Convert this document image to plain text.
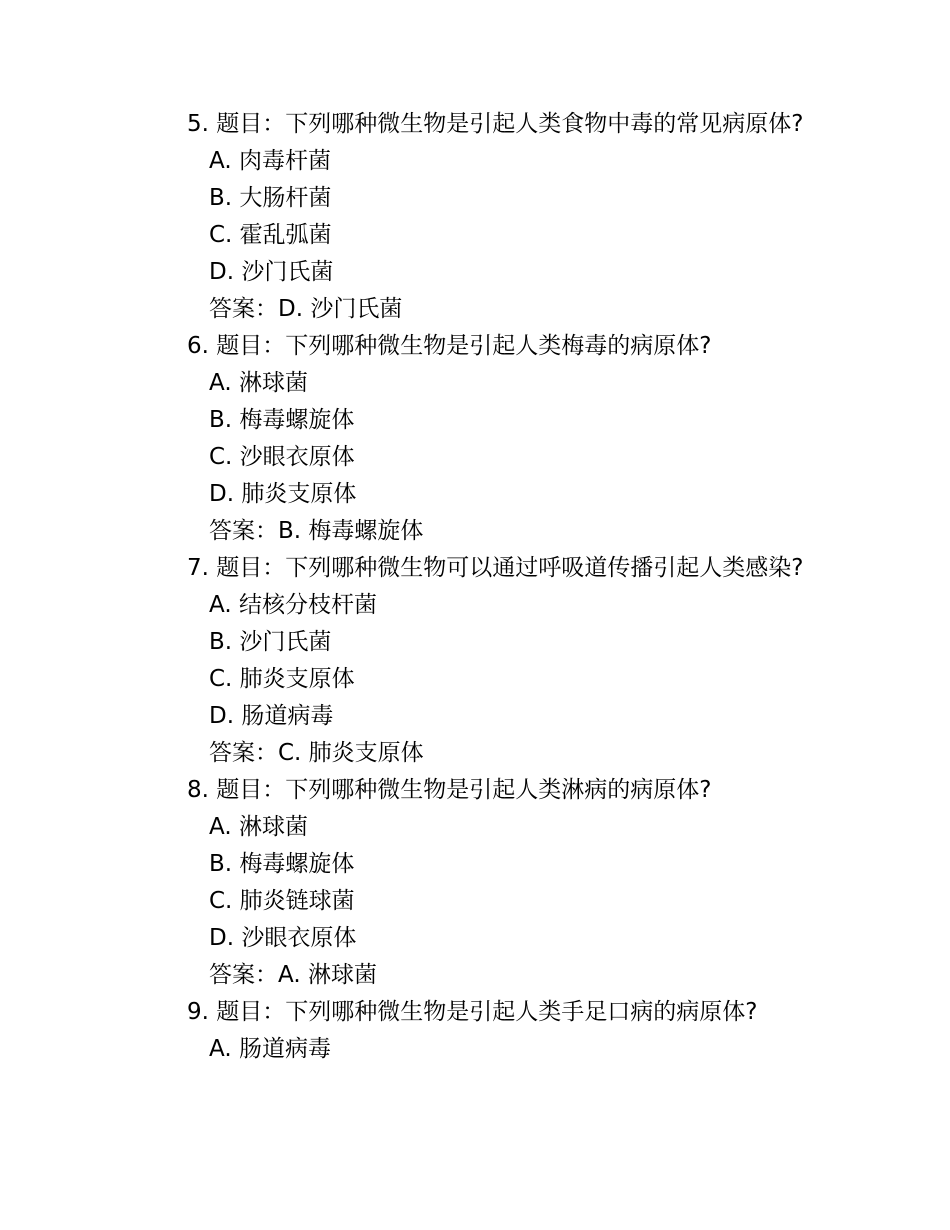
5. 题目：下列哪种微生物是引起人类食物中毒的常见病原体?

A. 肉毒杆菌
B. 大肠杆菌
C. 霍乱弧菌
D. 沙门氏菌
答案：D. 沙门氏菌
6. 题目：下列哪种微生物是引起人类梅毒的病原体?
A. 淋球菌
B. 梅毒螺旋体
C. 沙眼衣原体
D. 肺炎支原体
答案：B. 梅毒螺旋体

7. 题目：下列哪种微生物可以通过呼吸道传播引起人类感染?

A. 结核分枝杆菌
B. 沙门氏菌
C. 肺炎支原体
D. 肠道病毒
答案：C. 肺炎支原体
8. 题目：下列哪种微生物是引起人类淋病的病原体?
A. 淋球菌
B. 梅毒螺旋体
C. 肺炎链球菌
D. 沙眼衣原体
答案：A. 淋球菌
9. 题目：下列哪种微生物是引起人类手足口病的病原体?
A. 肠道病毒
